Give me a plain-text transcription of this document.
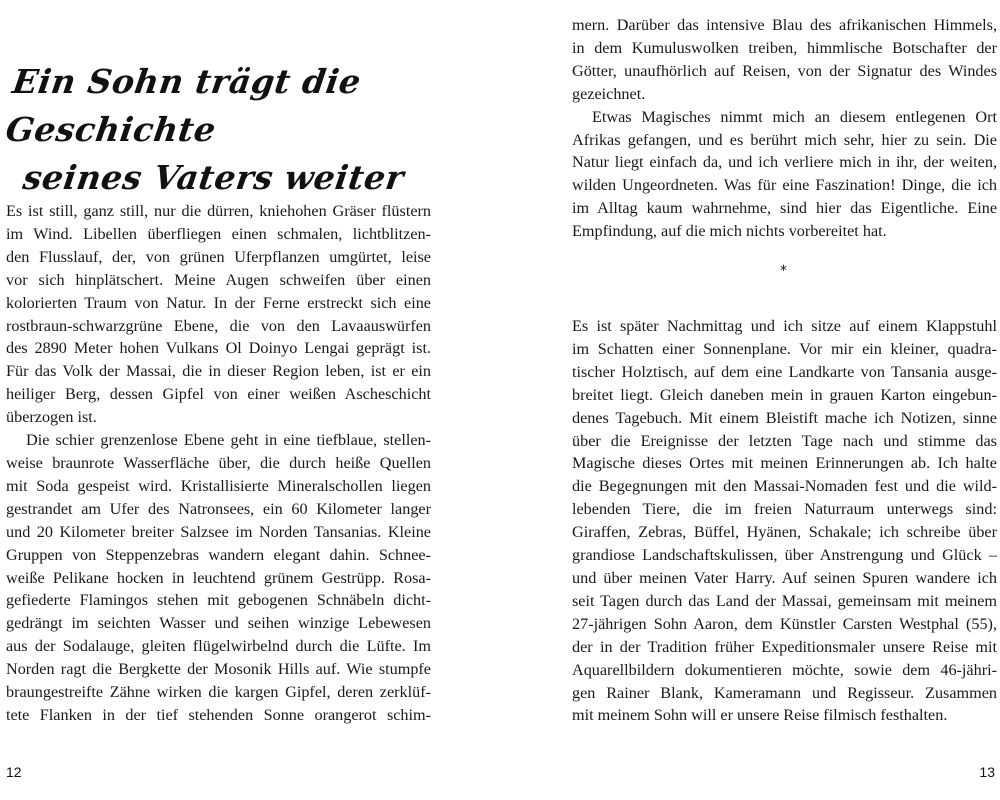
Ein Sohn trägt die Geschichte
seines Vaters weiter
Es ist still, ganz still, nur die dürren, kniehohen Gräser flüstern
im Wind. Libellen überfliegen einen schmalen, lichtblitzen-
den Flusslauf, der, von grünen Uferpflanzen umgürtet, leise
vor sich hinplätschert. Meine Augen schweifen über einen
kolorierten Traum von Natur. In der Ferne erstreckt sich eine
rostbraun-schwarzgrüne Ebene, die von den Lavaauswürfen
des 2890 Meter hohen Vulkans Ol Doinyo Lengai geprägt ist.
Für das Volk der Massai, die in dieser Region leben, ist er ein
heiliger Berg, dessen Gipfel von einer weißen Ascheschicht
überzogen ist.
Die schier grenzenlose Ebene geht in eine tiefblaue, stellen-
weise braunrote Wasserfläche über, die durch heiße Quellen
mit Soda gespeist wird. Kristallisierte Mineralschollen liegen
gestrandet am Ufer des Natronsees, ein 60 Kilometer langer
und 20 Kilometer breiter Salzsee im Norden Tansanias. Kleine
Gruppen von Steppenzebras wandern elegant dahin. Schnee-
weiße Pelikane hocken in leuchtend grünem Gestrüpp. Rosa-
gefiederte Flamingos stehen mit gebogenen Schnäbeln dicht-
gedrängt im seichten Wasser und seihen winzige Lebewesen
aus der Sodalauge, gleiten flügelwirbelnd durch die Lüfte. Im
Norden ragt die Bergkette der Mosonik Hills auf. Wie stumpfe
braungestreifte Zähne wirken die kargen Gipfel, deren zerklüf-
tete Flanken in der tief stehenden Sonne orangerot schim-
12
mern. Darüber das intensive Blau des afrikanischen Himmels,
in dem Kumuluswolken treiben, himmlische Botschafter der
Götter, unaufhörlich auf Reisen, von der Signatur des Windes
gezeichnet.
Etwas Magisches nimmt mich an diesem entlegenen Ort
Afrikas gefangen, und es berührt mich sehr, hier zu sein. Die
Natur liegt einfach da, und ich verliere mich in ihr, der weiten,
wilden Ungeordneten. Was für eine Faszination! Dinge, die ich
im Alltag kaum wahrnehme, sind hier das Eigentliche. Eine
Empfindung, auf die mich nichts vorbereitet hat.
*
Es ist später Nachmittag und ich sitze auf einem Klappstuhl
im Schatten einer Sonnenplane. Vor mir ein kleiner, quadra-
tischer Holztisch, auf dem eine Landkarte von Tansania ausge-
breitet liegt. Gleich daneben mein in grauen Karton eingebun-
denes Tagebuch. Mit einem Bleistift mache ich Notizen, sinne
über die Ereignisse der letzten Tage nach und stimme das
Magische dieses Ortes mit meinen Erinnerungen ab. Ich halte
die Begegnungen mit den Massai-Nomaden fest und die wild-
lebenden Tiere, die im freien Naturraum unterwegs sind:
Giraffen, Zebras, Büffel, Hyänen, Schakale; ich schreibe über
grandiose Landschaftskulissen, über Anstrengung und Glück –
und über meinen Vater Harry. Auf seinen Spuren wandere ich
seit Tagen durch das Land der Massai, gemeinsam mit meinem
27-jährigen Sohn Aaron, dem Künstler Carsten Westphal (55),
der in der Tradition früher Expeditionsmaler unsere Reise mit
Aquarellbildern dokumentieren möchte, sowie dem 46-jähri-
gen Rainer Blank, Kameramann und Regisseur. Zusammen
mit meinem Sohn will er unsere Reise filmisch festhalten.
13
